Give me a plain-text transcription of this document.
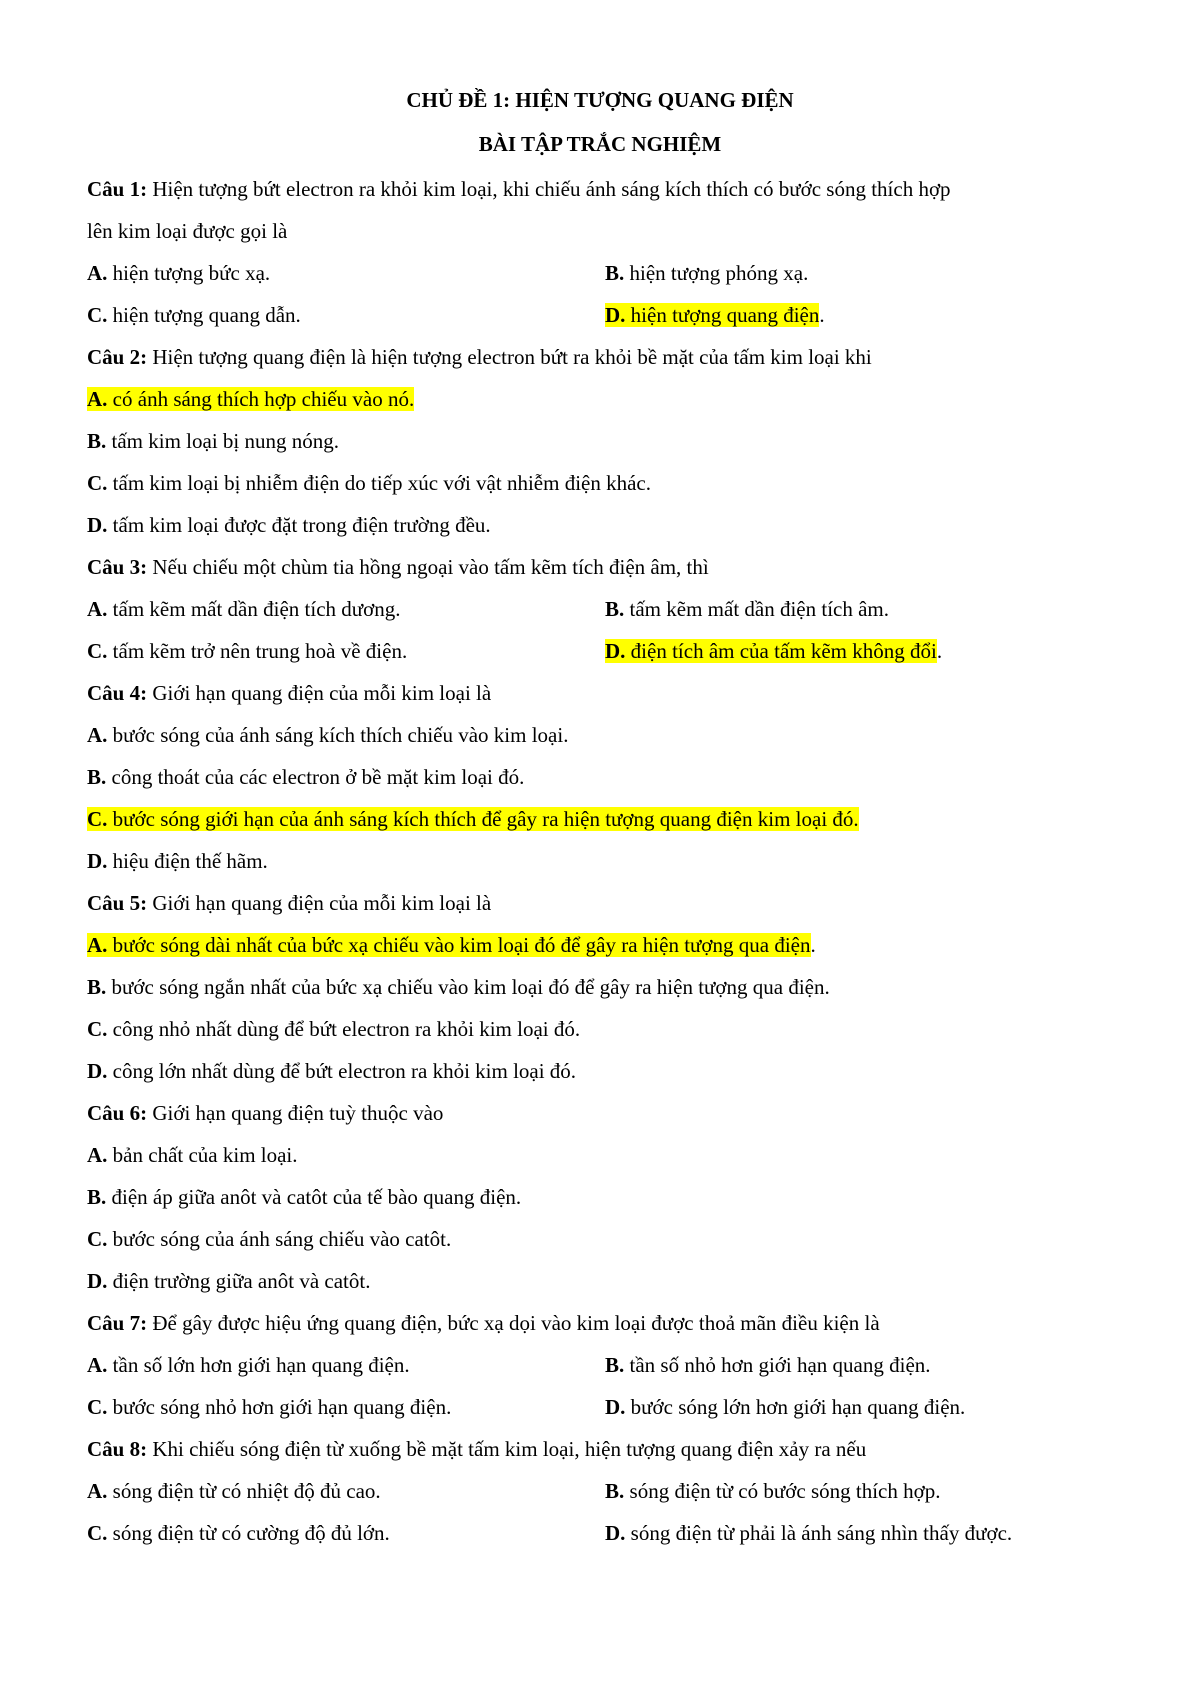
CHỦ ĐỀ 1: HIỆN TƯỢNG QUANG ĐIỆN
BÀI TẬP TRẮC NGHIỆM
Câu 1: Hiện tượng bứt electron ra khỏi kim loại, khi chiếu ánh sáng kích thích có bước sóng thích hợp
lên kim loại được gọi là
A. hiện tượng bức xạ.	B. hiện tượng phóng xạ.
C. hiện tượng quang dẫn.	D. hiện tượng quang điện.
Câu 2: Hiện tượng quang điện là hiện tượng electron bứt ra khỏi bề mặt của tấm kim loại khi
A. có ánh sáng thích hợp chiếu vào nó.
B. tấm kim loại bị nung nóng.
C. tấm kim loại bị nhiễm điện do tiếp xúc với vật nhiễm điện khác.
D. tấm kim loại được đặt trong điện trường đều.
Câu 3: Nếu chiếu một chùm tia hồng ngoại vào tấm kẽm tích điện âm, thì
A. tấm kẽm mất dần điện tích dương.	B. tấm kẽm mất dần điện tích âm.
C. tấm kẽm trở nên trung hoà về điện.	D. điện tích âm của tấm kẽm không đổi.
Câu 4: Giới hạn quang điện của mỗi kim loại là
A. bước sóng của ánh sáng kích thích chiếu vào kim loại.
B. công thoát của các electron ở bề mặt kim loại đó.
C. bước sóng giới hạn của ánh sáng kích thích để gây ra hiện tượng quang điện kim loại đó.
D. hiệu điện thế hãm.
Câu 5: Giới hạn quang điện của mỗi kim loại là
A. bước sóng dài nhất của bức xạ chiếu vào kim loại đó để gây ra hiện tượng qua điện.
B. bước sóng ngắn nhất của bức xạ chiếu vào kim loại đó để gây ra hiện tượng qua điện.
C. công nhỏ nhất dùng để bứt electron ra khỏi kim loại đó.
D. công lớn nhất dùng để bứt electron ra khỏi kim loại đó.
Câu 6: Giới hạn quang điện tuỳ thuộc vào
A. bản chất của kim loại.
B. điện áp giữa anôt và catôt của tế bào quang điện.
C. bước sóng của ánh sáng chiếu vào catôt.
D. điện trường giữa anôt và catôt.
Câu 7: Để gây được hiệu ứng quang điện, bức xạ dọi vào kim loại được thoả mãn điều kiện là
A. tần số lớn hơn giới hạn quang điện.	B. tần số nhỏ hơn giới hạn quang điện.
C. bước sóng nhỏ hơn giới hạn quang điện.	D. bước sóng lớn hơn giới hạn quang điện.
Câu 8: Khi chiếu sóng điện từ xuống bề mặt tấm kim loại, hiện tượng quang điện xảy ra nếu
A. sóng điện từ có nhiệt độ đủ cao.	B. sóng điện từ có bước sóng thích hợp.
C. sóng điện từ có cường độ đủ lớn.	D. sóng điện từ phải là ánh sáng nhìn thấy được.
